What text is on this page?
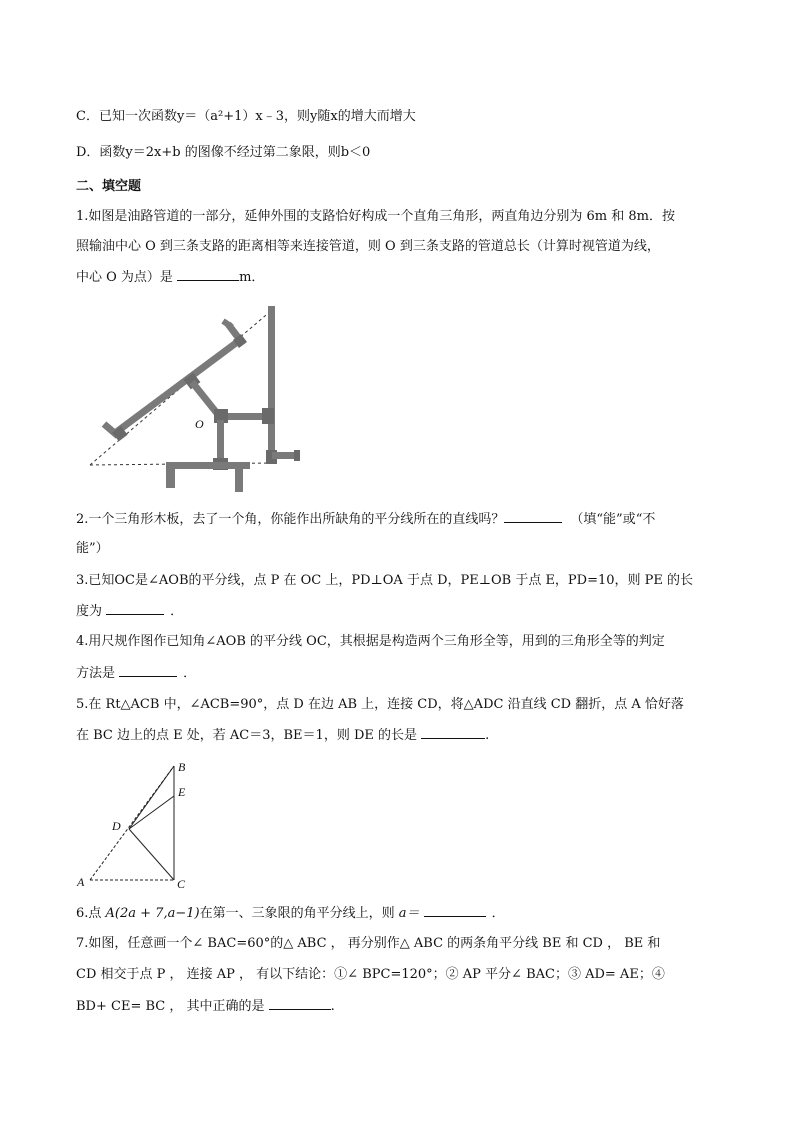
C．已知一次函数y＝（a²+1）x﹣3，则y随x的增大而增大
D．函数y＝2x+b 的图像不经过第二象限，则b＜0
二、填空题
1.如图是油路管道的一部分，延伸外围的支路恰好构成一个直角三角形，两直角边分别为 6m 和 8m．按
照输油中心 O 到三条支路的距离相等来连接管道，则 O 到三条支路的管道总长（计算时视管道为线，
中心 O 为点）是	m．
O
2.一个三角形木板，去了一个角，你能作出所缺角的平分线所在的直线吗？	（填“能”或“不
能”）
3.已知OC是∠AOB的平分线，点 P 在 OC 上，PD⊥OA 于点 D，PE⊥OB 于点 E，PD=10，则 PE 的长
度为	．
4.用尺规作图作已知角∠AOB 的平分线 OC，其根据是构造两个三角形全等，用到的三角形全等的判定
方法是	．
5.在 Rt△ACB 中，∠ACB=90°，点 D 在边 AB 上，连接 CD，将△ADC 沿直线 CD 翻折，点 A 恰好落
在 BC 边上的点 E 处，若 AC＝3，BE＝1，则 DE 的长是	.
B
E
D
A	C
6.点 A(2a + 7,a−1)在第一、三象限的角平分线上，则 a＝	．
7.如图，任意画一个∠ BAC=60°的△ ABC ， 再分别作△ ABC 的两条角平分线 BE 和 CD ， BE 和
CD 相交于点 P ， 连接 AP ， 有以下结论：①∠ BPC=120°；② AP 平分∠ BAC；③ AD= AE；④
BD+ CE= BC ， 其中正确的是	.
